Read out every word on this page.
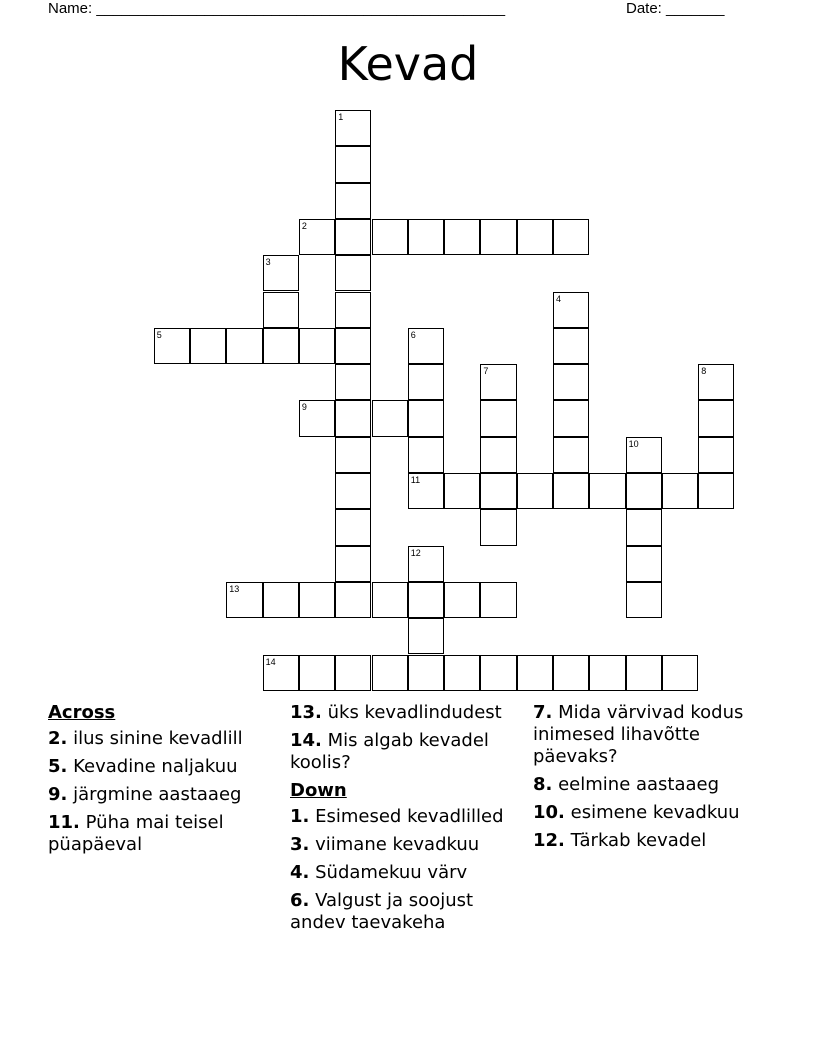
Name: _________________________________________________	Date: _______
Kevad
2
5
9
11
13
14
1
3
4
6
7	8
10
12
Across
2. ilus sinine kevadlill
5. Kevadine naljakuu
9. järgmine aastaaeg
11. Püha mai teisel püapäeval
13. üks kevadlindudest
14. Mis algab kevadel koolis?
Down
1. Esimesed kevadlilled
3. viimane kevadkuu
4. Südamekuu värv
6. Valgust ja soojust andev taevakeha
7. Mida värvivad kodus inimesed lihavõtte päevaks?
8. eelmine aastaaeg
10. esimene kevadkuu
12. Tärkab kevadel
